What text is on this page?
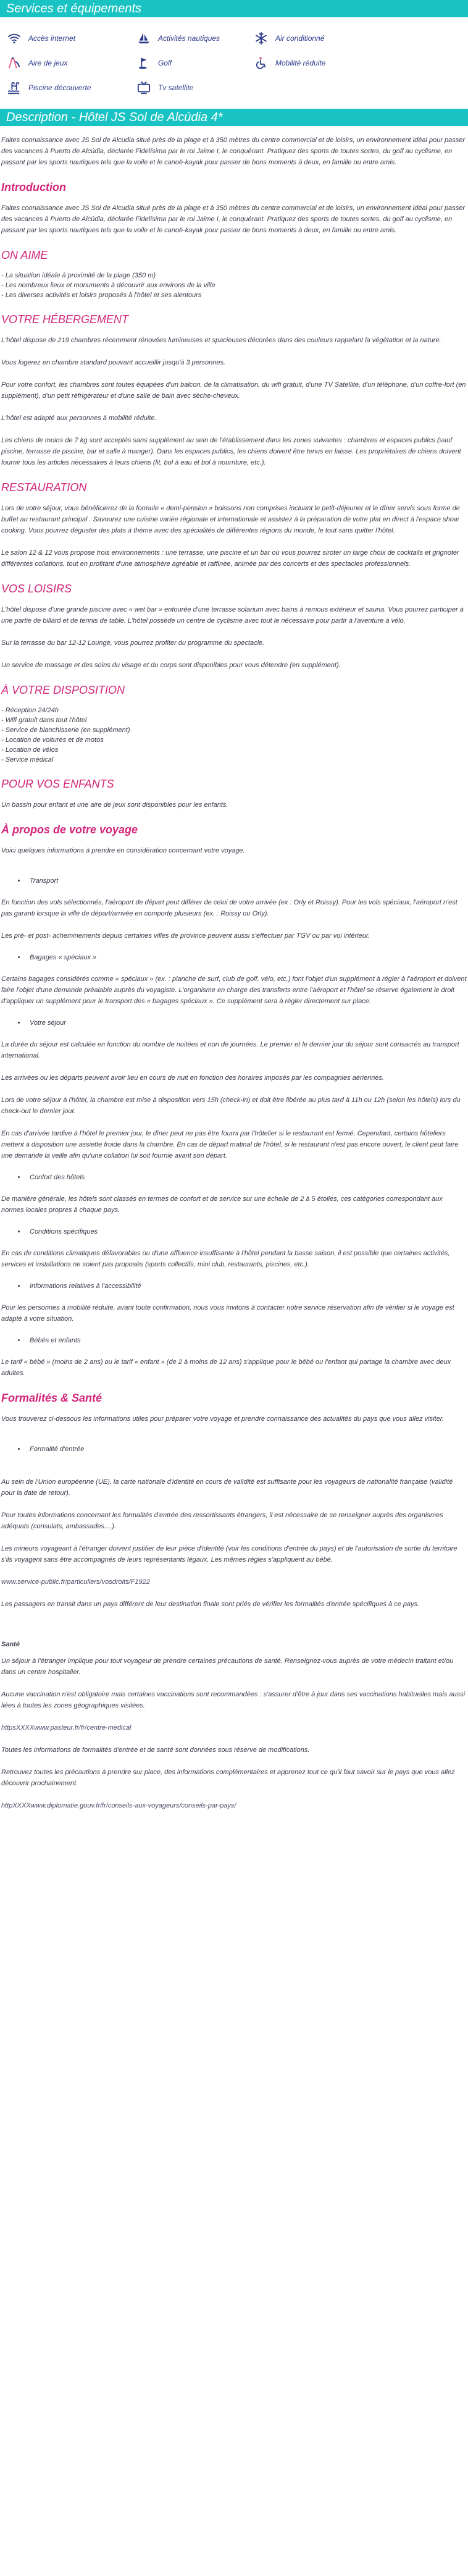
Services et équipements
Accès internet	Activités nautiques	Air conditionné
Aire de jeux	Golf	Mobilité réduite
Piscine découverte	Tv satellite
Description - Hôtel JS Sol de Alcúdia 4*

Faites connaissance avec JS Sol de Alcudia situé près de la plage et à 350 mètres du centre commercial et de loisirs, un environnement idéal pour passer des vacances à Puerto de Alcúdia, déclarée Fidelísima par le roi Jaime I, le conquérant. Pratiquez des sports de toutes sortes, du golf au cyclisme, en passant par les sports nautiques tels que la voile et le canoë-kayak pour passer de bons moments à deux, en famille ou entre amis.

Introduction

Faites connaissance avec JS Sol de Alcudia situé près de la plage et à 350 mètres du centre commercial et de loisirs, un environnement idéal pour passer des vacances à Puerto de Alcúdia, déclarée Fidelísima par le roi Jaime I, le conquérant. Pratiquez des sports de toutes sortes, du golf au cyclisme, en passant par les sports nautiques tels que la voile et le canoë-kayak pour passer de bons moments à deux, en famille ou entre amis.

ON AIME
- La situation idéale à proximité de la plage (350 m)
- Les nombreux lieux et monuments à découvrir aux environs de la ville
- Les diverses activités et loisirs proposés à l'hôtel et ses alentours
VOTRE HÉBERGEMENT

L'hôtel dispose de 219 chambres récemment rénovées lumineuses et spacieuses décorées dans des couleurs rappelant la végétation et la nature.

Vous logerez en chambre standard pouvant accueillir jusqu'à 3 personnes.

Pour votre confort, les chambres sont toutes équipées d'un balcon, de la climatisation, du wifi gratuit, d'une TV Satellite, d'un téléphone, d'un coffre-fort (en supplément), d'un petit réfrigérateur et d'une salle de bain avec sèche-cheveux.

L'hôtel est adapté aux personnes à mobilité réduite.

Les chiens de moins de 7 kg sont acceptés sans supplément au sein de l'établissement dans les zones suivantes : chambres et espaces publics (sauf piscine, terrasse de piscine, bar et salle à manger). Dans les espaces publics, les chiens doivent être tenus en laisse. Les propriétaires de chiens doivent fournir tous les articles nécessaires à leurs chiens (lit, bol à eau et bol à nourriture, etc.).

RESTAURATION

Lors de votre séjour, vous bénéficierez de la formule « demi-pension » boissons non comprises incluant le petit-déjeuner et le dîner servis sous forme de buffet au restaurant principal . Savourez une cuisine variée régionale et internationale et assistez à la préparation de votre plat en direct à l'espace show cooking. Vous pourrez déguster des plats à thème avec des spécialités de différentes régions du monde, le tout sans quitter l'hôtel.

Le salon 12 & 12 vous propose trois environnements : une terrasse, une piscine et un bar où vous pourrez siroter un large choix de cocktails et grignoter différentes collations, tout en profitant d'une atmosphère agréable et raffinée, animée par des concerts et des spectacles professionnels.

VOS LOISIRS

L'hôtel dispose d'une grande piscine avec « wet bar » entourée d'une terrasse solarium avec bains à remous extérieur et sauna. Vous pourrez participer à une partie de billard et de tennis de table. L'hôtel possède un centre de cyclisme avec tout le nécessaire pour partir à l'aventure à vélo.

Sur la terrasse du bar 12-12 Lounge, vous pourrez profiter du programme du spectacle.

Un service de massage et des soins du visage et du corps sont disponibles pour vous détendre (en supplément).

À VOTRE DISPOSITION
- Réception 24/24h
- Wifi gratuit dans tout l'hôtel
- Service de blanchisserie (en supplément)
- Location de voitures et de motos
- Location de vélos
- Service médical
POUR VOS ENFANTS

Un bassin pour enfant et une aire de jeux sont disponibles pour les enfants.

À propos de votre voyage

Voici quelques informations à prendre en considération concernant votre voyage.

• Transport

En fonction des vols sélectionnés, l'aéroport de départ peut différer de celui de votre arrivée (ex : Orly et Roissy). Pour les vols spéciaux, l'aéroport n'est pas garanti lorsque la ville de départ/arrivée en comporte plusieurs (ex. : Roissy ou Orly).

Les pré- et post- acheminements depuis certaines villes de province peuvent aussi s'effectuer par TGV ou par voi intérieur.

• Bagages « spéciaux »

Certains bagages considérés comme « spéciaux » (ex. : planche de surf, club de golf, vélo, etc.) font l'objet d'un supplément à régler à l'aéroport et doivent faire l'objet d'une demande préalable auprès du voyagiste. L'organisme en charge des transferts entre l'aéroport et l'hôtel se réserve également le droit d'appliquer un supplément pour le transport des « bagages spéciaux ». Ce supplément sera à régler directement sur place.

• Votre séjour

La durée du séjour est calculée en fonction du nombre de nuitées et non de journées. Le premier et le dernier jour du séjour sont consacrés au transport international.

Les arrivées ou les départs peuvent avoir lieu en cours de nuit en fonction des horaires imposés par les compagnies aériennes.

Lors de votre séjour à l'hôtel, la chambre est mise à disposition vers 15h (check-in) et doit être libérée au plus tard à 11h ou 12h (selon les hôtels) lors du check-out le dernier jour.

En cas d'arrivée tardive à l'hôtel le premier jour, le dîner peut ne pas être fourni par l'hôtelier si le restaurant est fermé. Cependant, certains hôteliers mettent à disposition une assiette froide dans la chambre. En cas de départ matinal de l'hôtel, si le restaurant n'est pas encore ouvert, le client peut faire une demande la veille afin qu'une collation lui soit fournie avant son départ.

• Confort des hôtels

De manière générale, les hôtels sont classés en termes de confort et de service sur une échelle de 2 à 5 étoiles, ces catégories correspondant aux normes locales propres à chaque pays.

• Conditions spécifiques

En cas de conditions climatiques défavorables ou d'une affluence insuffisante à l'hôtel pendant la basse saison, il est possible que certaines activités, services et installations ne soient pas proposés (sports collectifs, mini club, restaurants, piscines, etc.).

• Informations relatives à l'accessibilité

Pour les personnes à mobilité réduite, avant toute confirmation, nous vous invitons à contacter notre service réservation afin de vérifier si le voyage est adapté à votre situation.

• Bébés et enfants

Le tarif « bébé » (moins de 2 ans) ou le tarif « enfant » (de 2 à moins de 12 ans) s'applique pour le bébé ou l'enfant qui partage la chambre avec deux adultes.

Formalités & Santé

Vous trouverez ci-dessous les informations utiles pour préparer votre voyage et prendre connaissance des actualités du pays que vous allez visiter.

• Formalité d'entrée

Au sein de l'Union européenne (UE), la carte nationale d'identité en cours de validité est suffisante pour les voyageurs de nationalité française (validité pour la date de retour).

Pour toutes informations concernant les formalités d'entrée des ressortissants étrangers, il est nécessaire de se renseigner auprès des organismes adéquats (consulats, ambassades....).

Les mineurs voyageant à l'étranger doivent justifier de leur pièce d'identité (voir les conditions d'entrée du pays) et de l'autorisation de sortie du territoire s'ils voyagent sans être accompagnés de leurs représentants légaux. Les mêmes règles s'appliquent au bébé.

www.service-public.fr/particuliers/vosdroits/F1922

Les passagers en transit dans un pays différent de leur destination finale sont priés de vérifier les formalités d'entrée spécifiques à ce pays.

Santé

Un séjour à l'étranger implique pour tout voyageur de prendre certaines précautions de santé. Renseignez-vous auprès de votre médecin traitant et/ou dans un centre hospitalier.

Aucune vaccination n'est obligatoire mais certaines vaccinations sont recommandées : s'assurer d'être à jour dans ses vaccinations habituelles mais aussi liées à toutes les zones géographiques visitées.

httpsXXXXwww.pasteur.fr/fr/centre-medical

Toutes les informations de formalités d'entrée et de santé sont données sous réserve de modifications.

Retrouvez toutes les précautions à prendre sur place, des informations complémentaires et apprenez tout ce qu'il faut savoir sur le pays que vous allez découvrir prochainement.

httpXXXXwww.diplomatie.gouv.fr/fr/conseils-aux-voyageurs/conseils-par-pays/
